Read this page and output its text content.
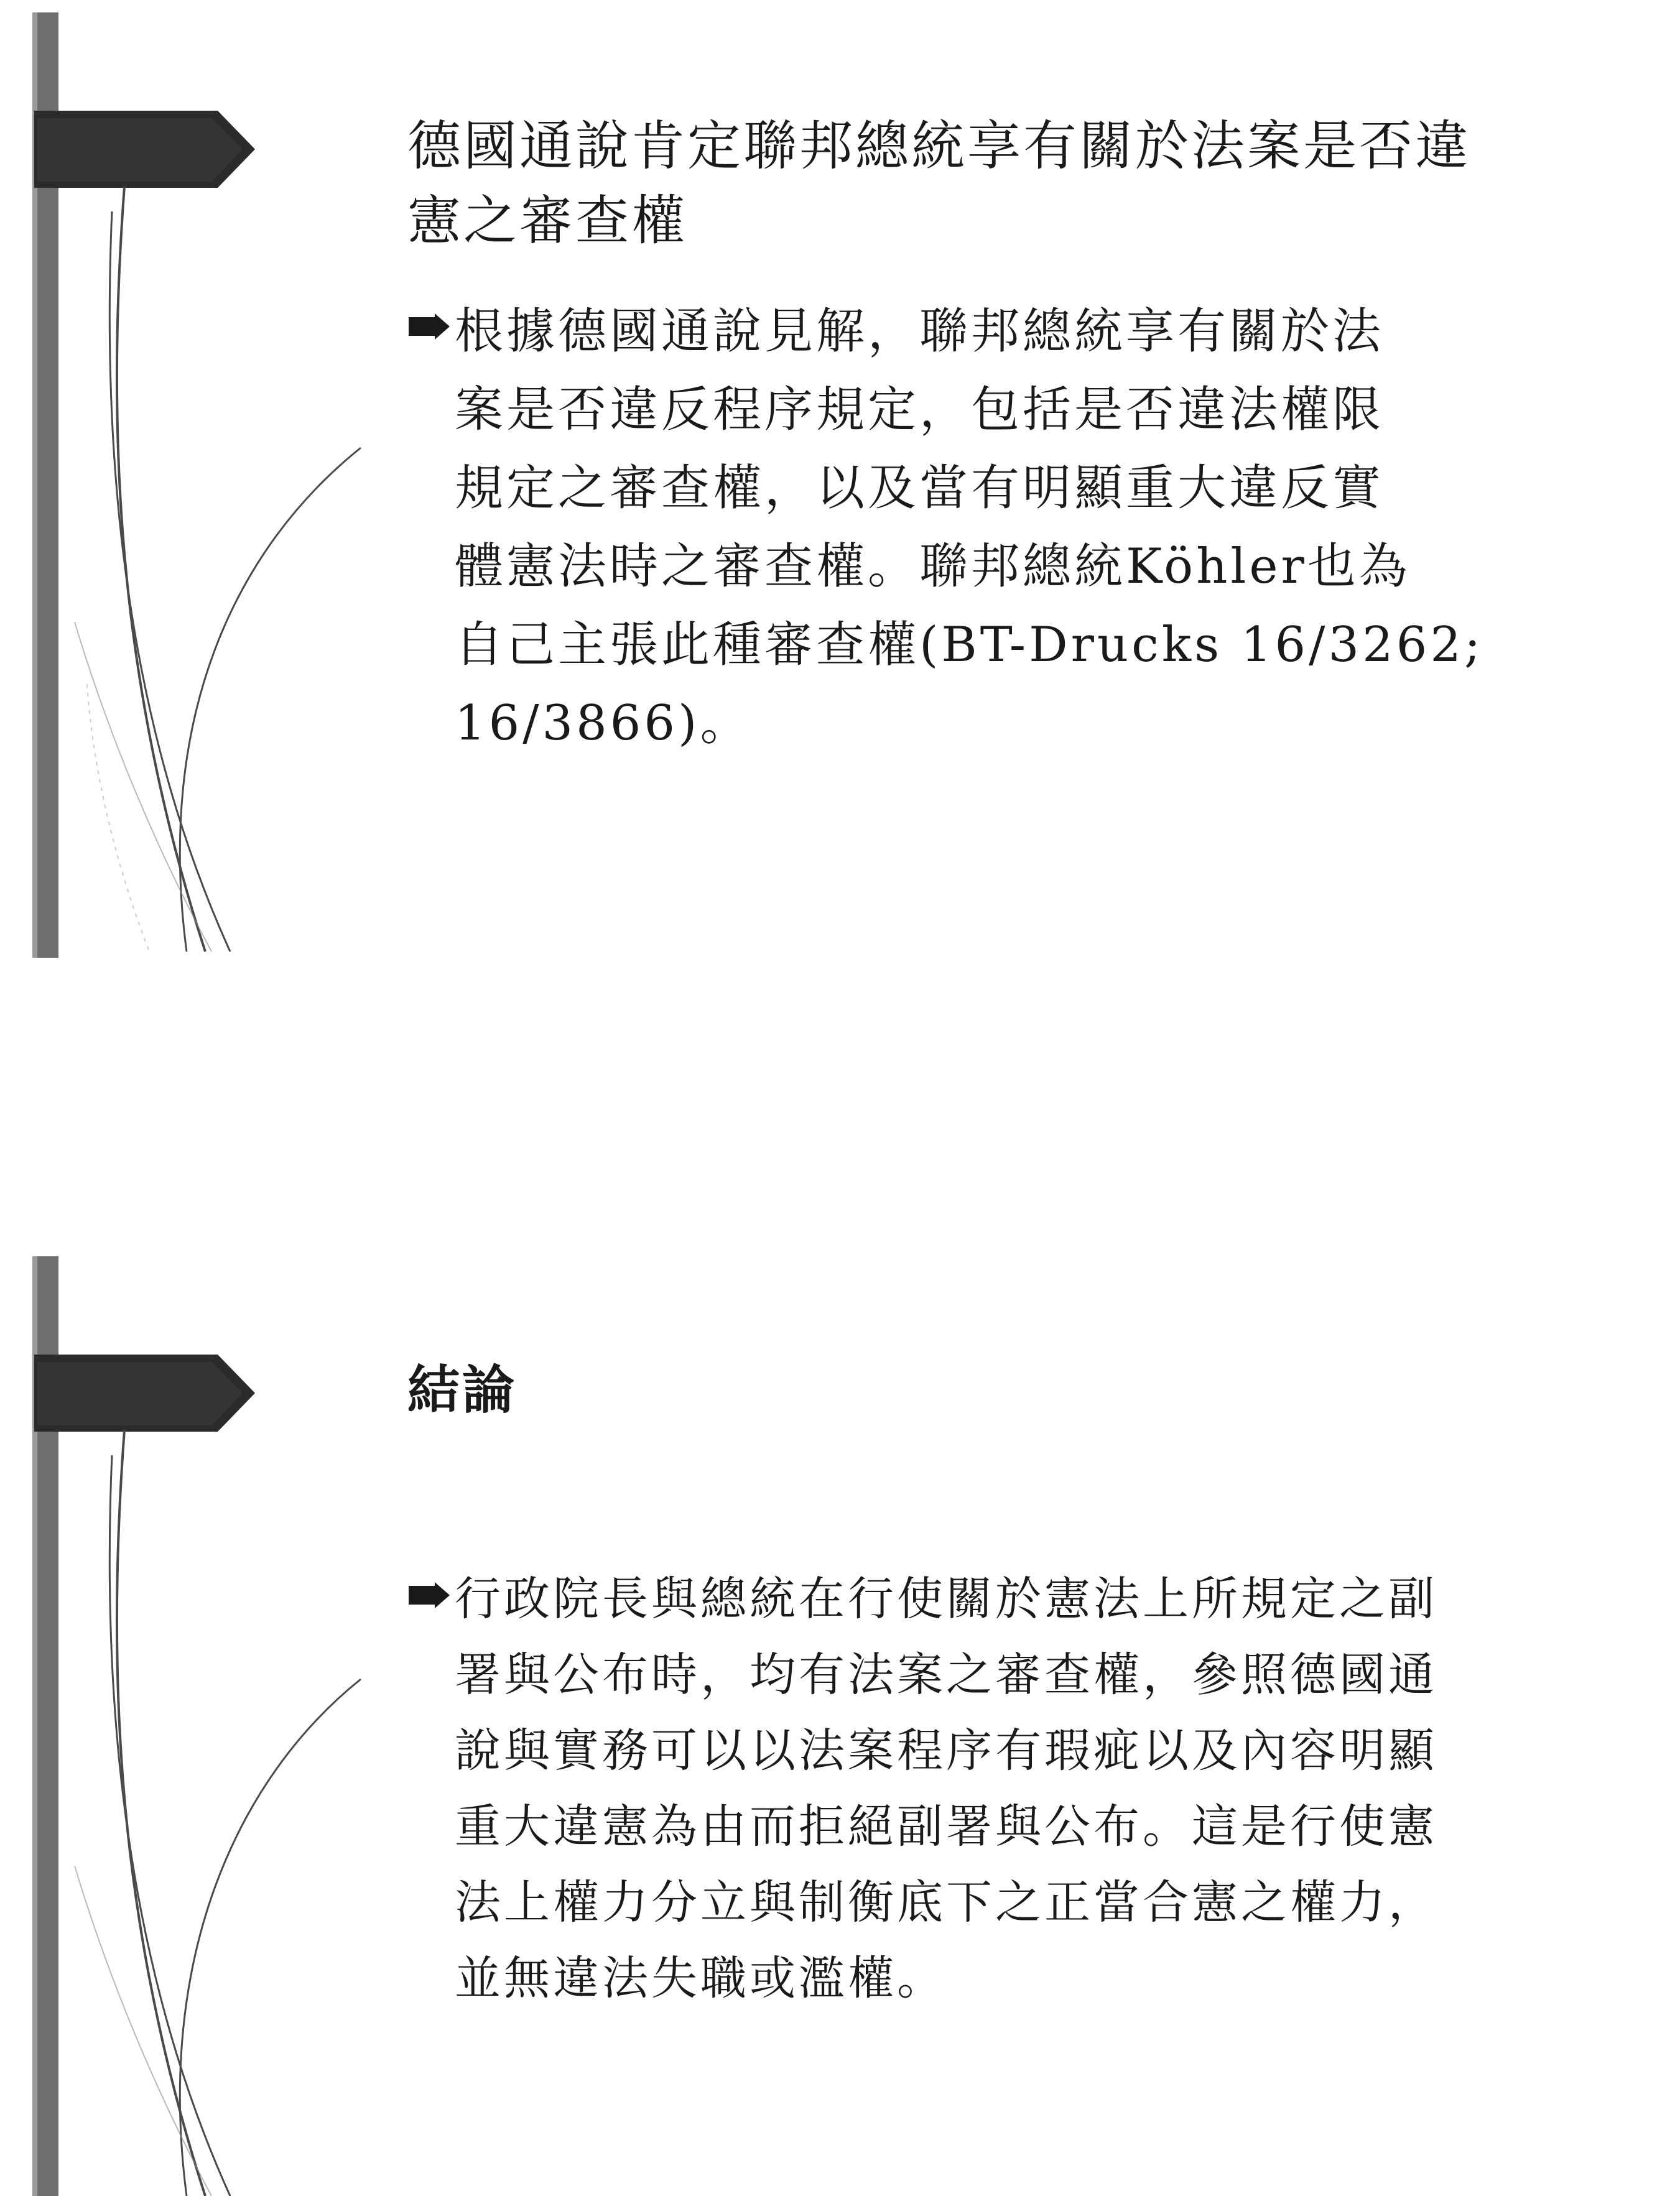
德國通說肯定聯邦總統享有關於法案是否違
憲之審查權
根據德國通說見解，聯邦總統享有關於法
案是否違反程序規定，包括是否違法權限
規定之審查權，以及當有明顯重大違反實
體憲法時之審查權。聯邦總統Köhler也為
自己主張此種審查權(BT-Drucks 16/3262;
16/3866)。
結論
行政院長與總統在行使關於憲法上所規定之副
署與公布時，均有法案之審查權，參照德國通
說與實務可以以法案程序有瑕疵以及內容明顯
重大違憲為由而拒絕副署與公布。這是行使憲
法上權力分立與制衡底下之正當合憲之權力，
並無違法失職或濫權。
